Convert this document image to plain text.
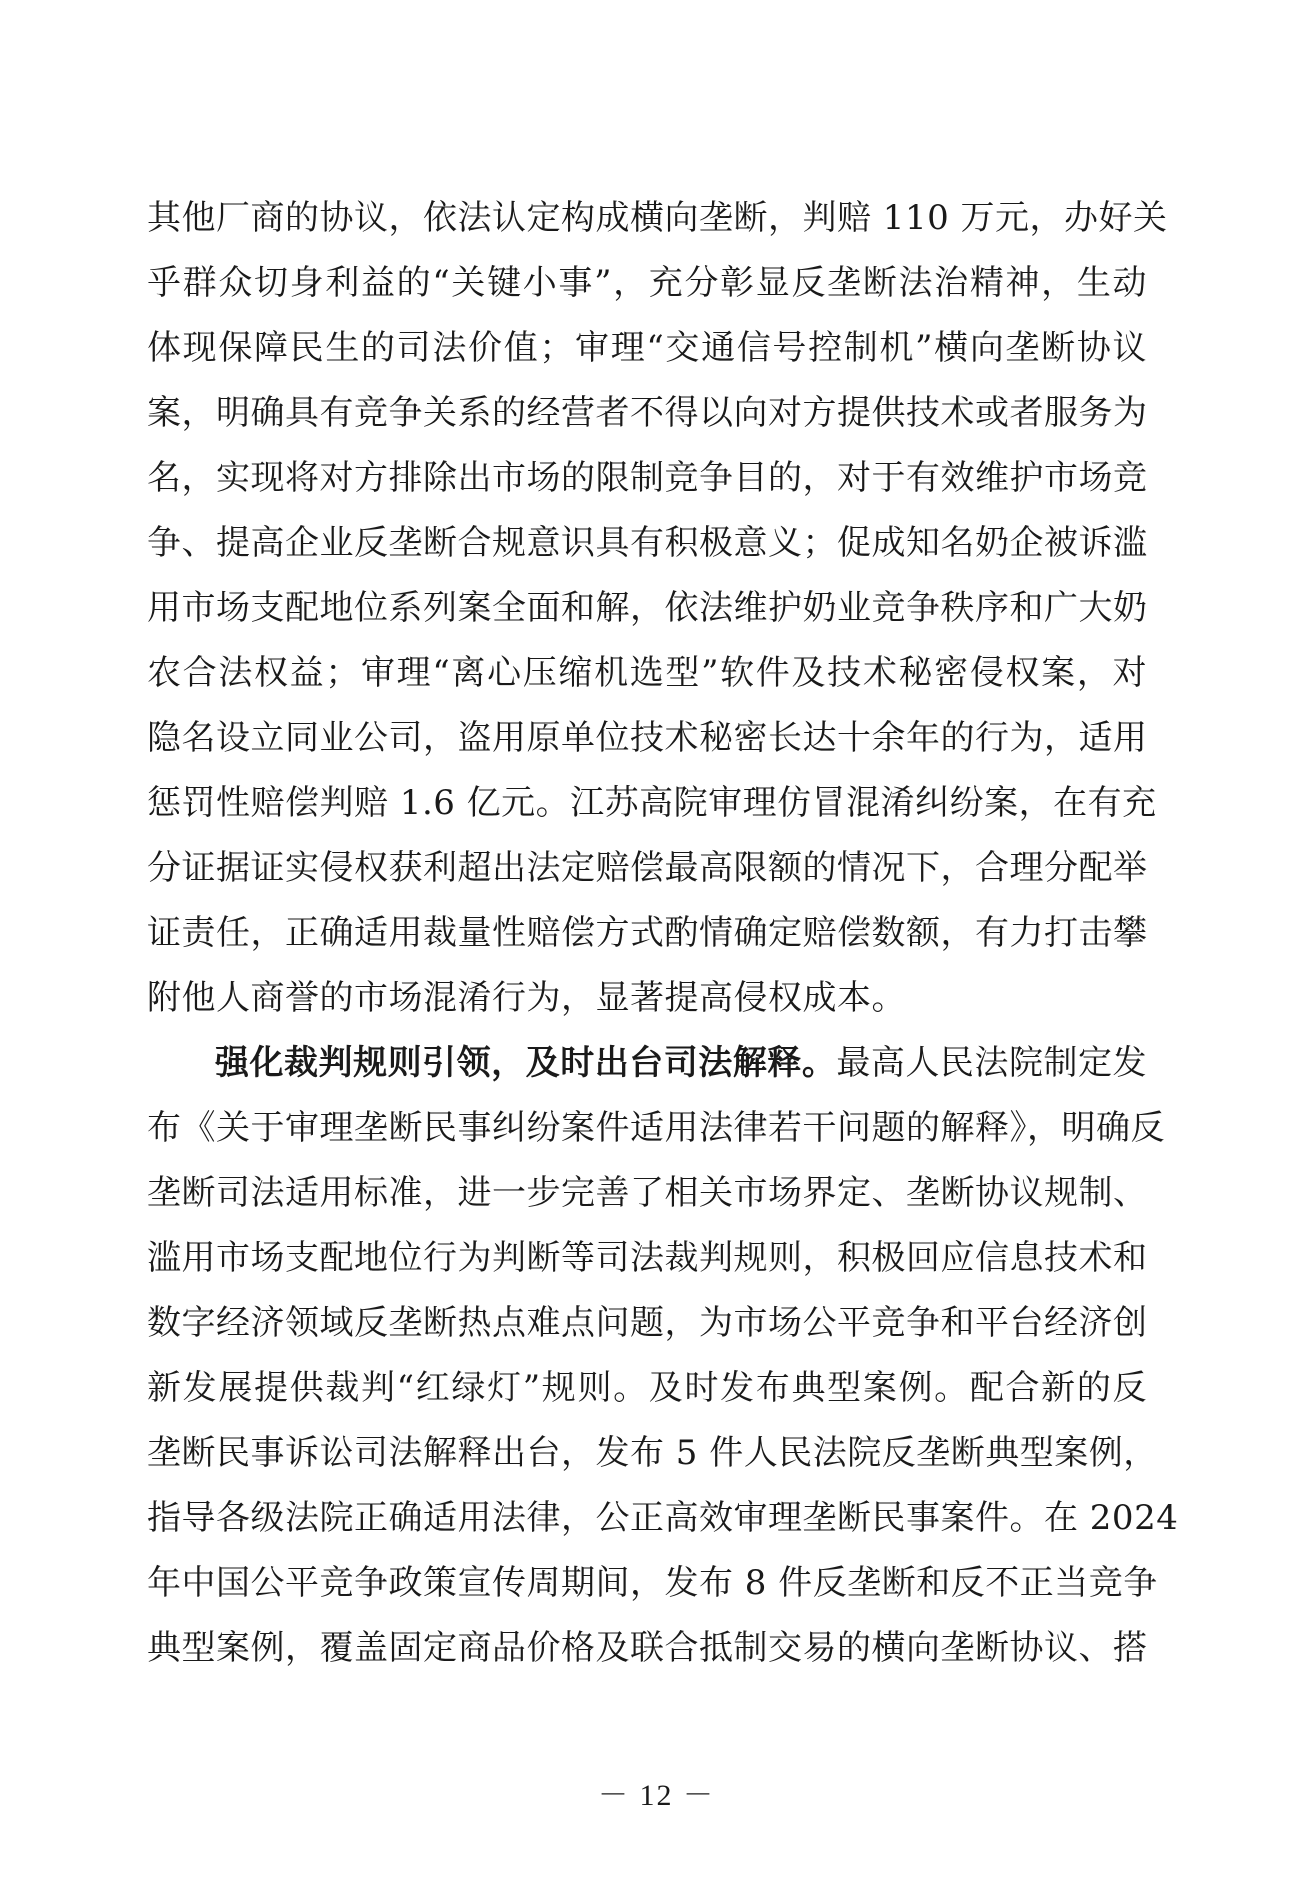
其他厂商的协议，依法认定构成横向垄断，判赔 110 万元，办好关
乎群众切身利益的“关键小事”，充分彰显反垄断法治精神，生动
体现保障民生的司法价值；审理“交通信号控制机”横向垄断协议
案，明确具有竞争关系的经营者不得以向对方提供技术或者服务为
名，实现将对方排除出市场的限制竞争目的，对于有效维护市场竞
争、提高企业反垄断合规意识具有积极意义；促成知名奶企被诉滥
用市场支配地位系列案全面和解，依法维护奶业竞争秩序和广大奶
农合法权益；审理“离心压缩机选型”软件及技术秘密侵权案，对
隐名设立同业公司，盗用原单位技术秘密长达十余年的行为，适用
惩罚性赔偿判赔 1.6 亿元。江苏高院审理仿冒混淆纠纷案，在有充
分证据证实侵权获利超出法定赔偿最高限额的情况下，合理分配举
证责任，正确适用裁量性赔偿方式酌情确定赔偿数额，有力打击攀
附他人商誉的市场混淆行为，显著提高侵权成本。
强化裁判规则引领，及时出台司法解释。最高人民法院制定发
布《关于审理垄断民事纠纷案件适用法律若干问题的解释》，明确反
垄断司法适用标准，进一步完善了相关市场界定、垄断协议规制、
滥用市场支配地位行为判断等司法裁判规则，积极回应信息技术和
数字经济领域反垄断热点难点问题，为市场公平竞争和平台经济创
新发展提供裁判“红绿灯”规则。及时发布典型案例。配合新的反
垄断民事诉讼司法解释出台，发布 5 件人民法院反垄断典型案例，
指导各级法院正确适用法律，公正高效审理垄断民事案件。在 2024
年中国公平竞争政策宣传周期间，发布 8 件反垄断和反不正当竞争
典型案例，覆盖固定商品价格及联合抵制交易的横向垄断协议、搭
－ 12 －
